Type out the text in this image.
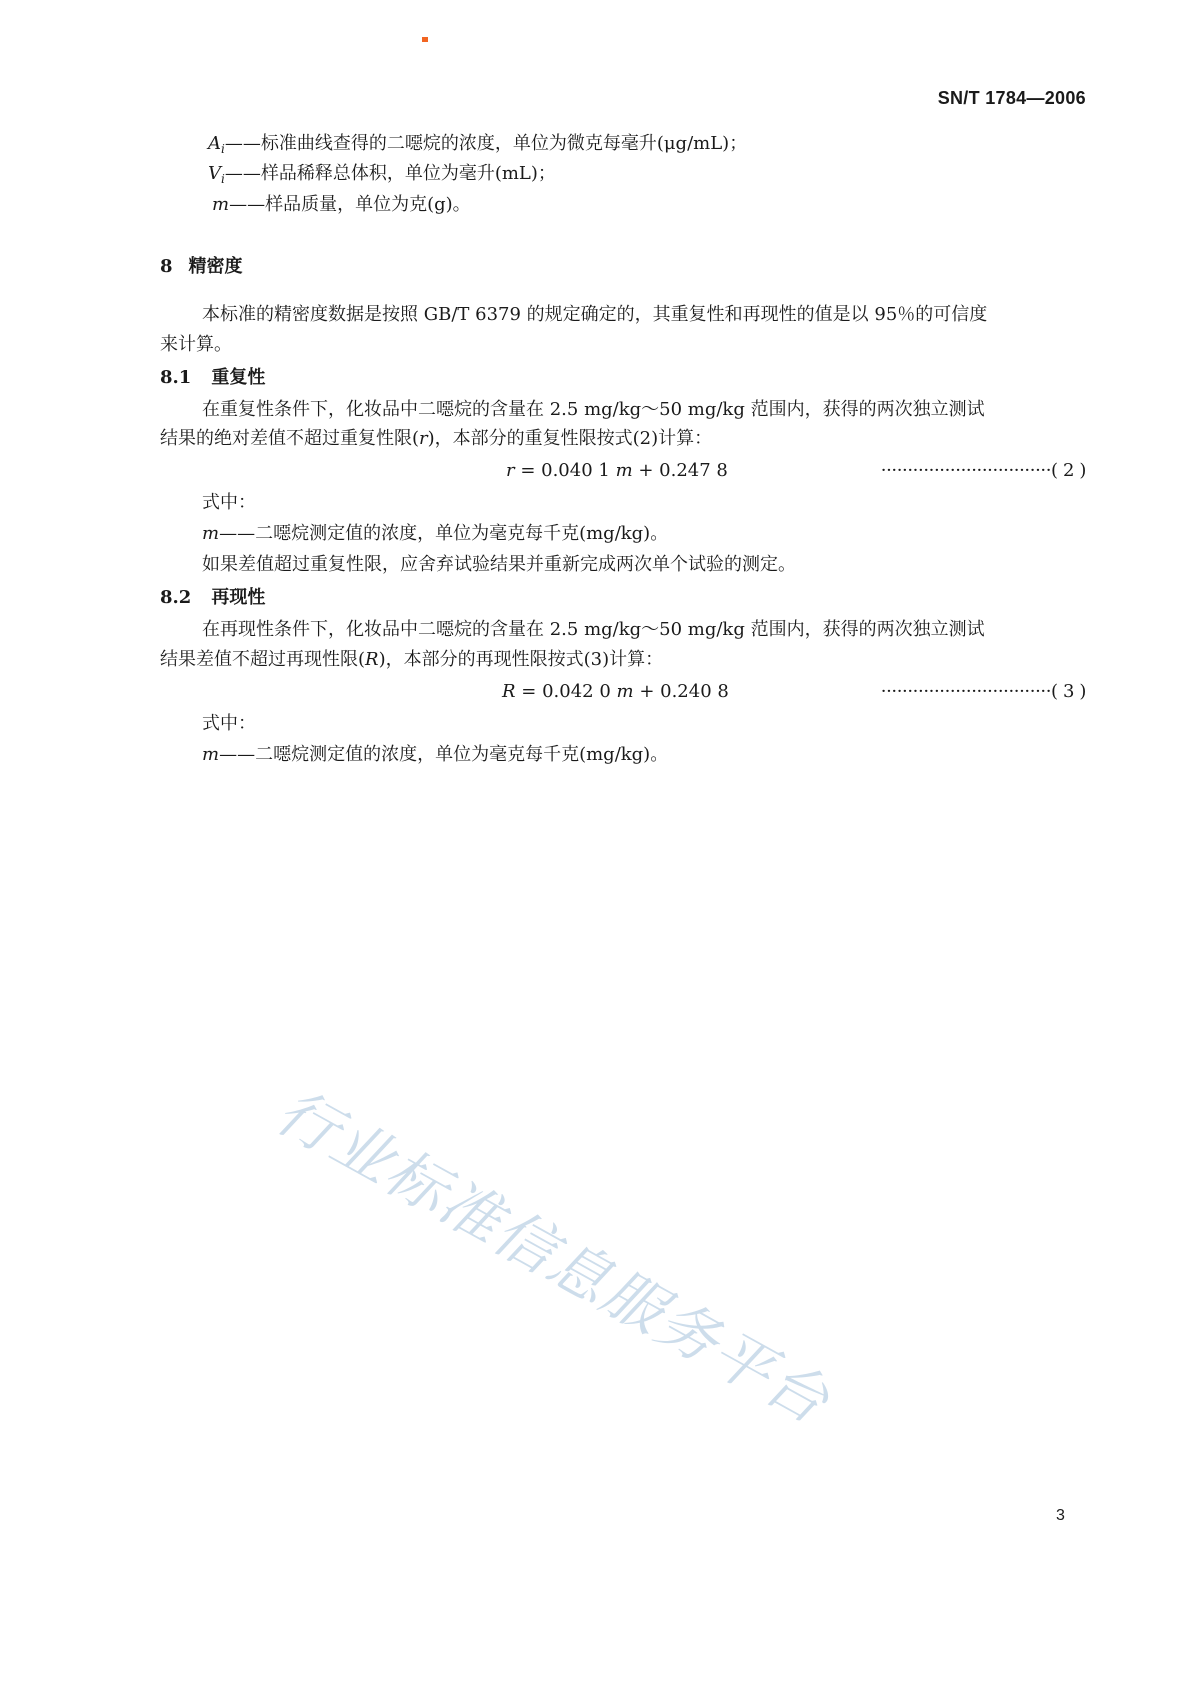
SN/T 1784—2006
$A_i——$标准曲线查得的二噁烷的浓度，单位为微克每毫升(μg/mL)；
$V_i——$样品稀释总体积，单位为毫升(mL)；
m——样品质量，单位为克(g)。
8 精密度
本标准的精密度数据是按照 GB/T 6379 的规定确定的，其重复性和再现性的值是以 95％的可信度
来计算。
8.1 重复性
在重复性条件下，化妆品中二噁烷的含量在 2.5 mg/kg～50 mg/kg 范围内，获得的两次独立测试
结果的绝对差值不超过重复性限(r)，本部分的重复性限按式(2)计算：
r = 0.040 1 m + 0.247 8	································( 2 )
式中：
m——二噁烷测定值的浓度，单位为毫克每千克(mg/kg)。
如果差值超过重复性限，应舍弃试验结果并重新完成两次单个试验的测定。
8.2 再现性
在再现性条件下，化妆品中二噁烷的含量在 2.5 mg/kg～50 mg/kg 范围内，获得的两次独立测试
结果差值不超过再现性限(R)，本部分的再现性限按式(3)计算：
R = 0.042 0 m + 0.240 8	································( 3 )
式中：
m——二噁烷测定值的浓度，单位为毫克每千克(mg/kg)。
行业标准信息服务平台
3
